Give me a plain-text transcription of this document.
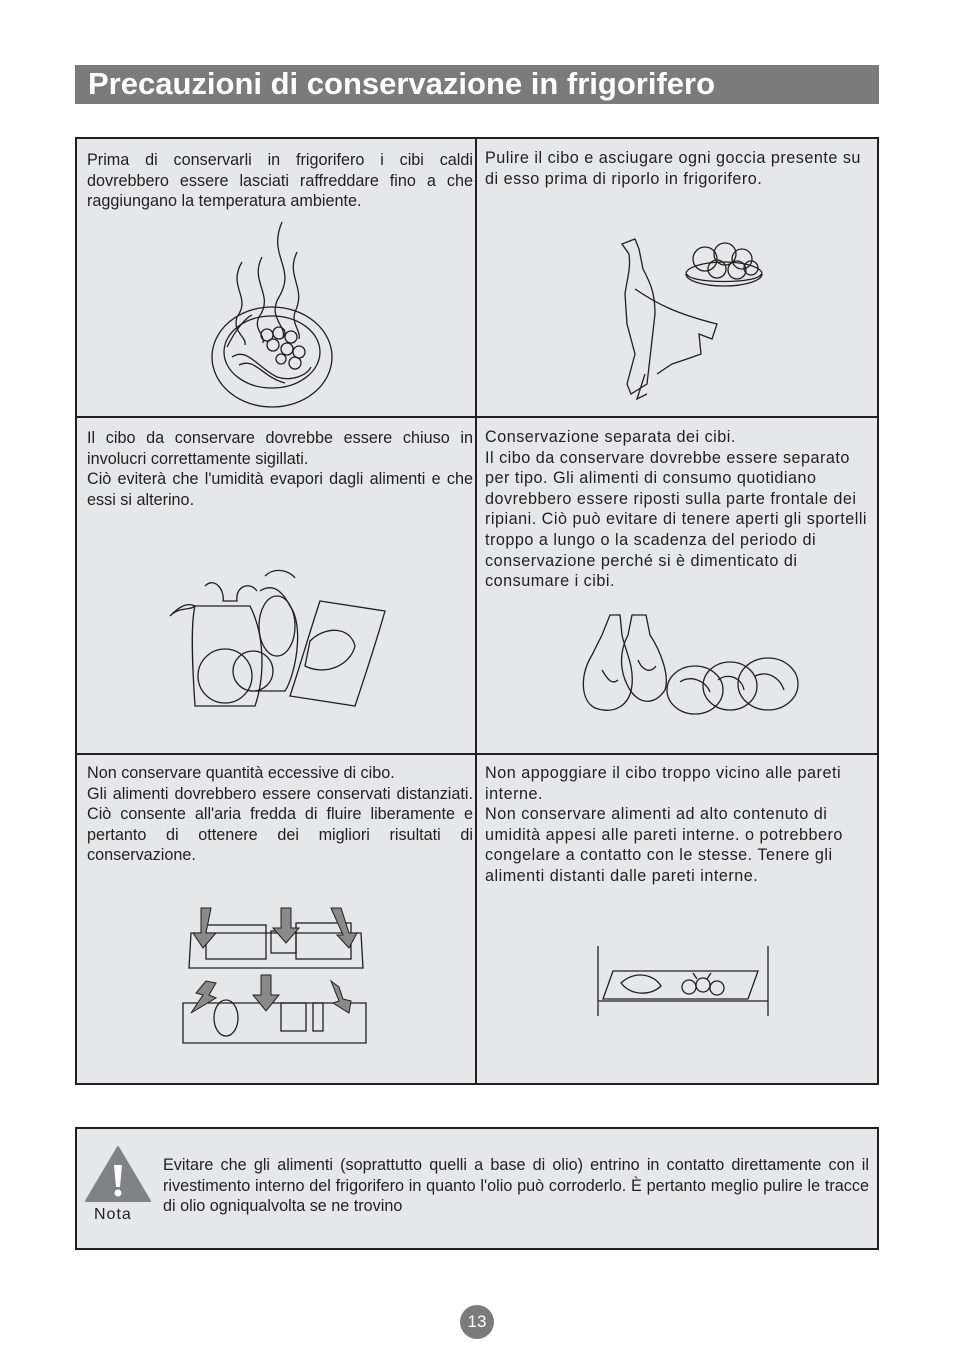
Precauzioni di conservazione in frigorifero

Prima di conservarli in frigorifero i cibi caldi dovrebbero essere lasciati raffreddare fino a che raggiungano la temperatura ambiente.

Pulire il cibo e asciugare ogni goccia presente su di esso prima di riporlo in frigorifero.

Il cibo da conservare dovrebbe essere chiuso in involucri correttamente sigillati.

Ciò eviterà che l'umidità evapori dagli alimenti e che essi si alterino.

Conservazione separata dei cibi.

Il cibo da conservare dovrebbe essere separato per tipo. Gli alimenti di consumo quotidiano dovrebbero essere riposti sulla parte frontale dei ripiani. Ciò può evitare di tenere aperti gli sportelli troppo a lungo o la scadenza del periodo di conservazione perché si è dimenticato di consumare i cibi.

Non conservare quantità eccessive di cibo.

Gli alimenti dovrebbero essere conservati distanziati. Ciò consente all'aria fredda di fluire liberamente e pertanto di ottenere dei migliori risultati di conservazione.

Non appoggiare il cibo troppo vicino alle pareti interne.

Non conservare alimenti ad alto contenuto di umidità appesi alle pareti interne. o potrebbero congelare a contatto con le stesse. Tenere gli alimenti distanti dalle pareti interne.

Nota
Evitare che gli alimenti (soprattutto quelli a base di olio) entrino in contatto direttamente con il rivestimento interno del frigorifero in quanto l'olio può corroderlo. È pertanto meglio pulire le tracce di olio ogniqualvolta se ne trovino
13
